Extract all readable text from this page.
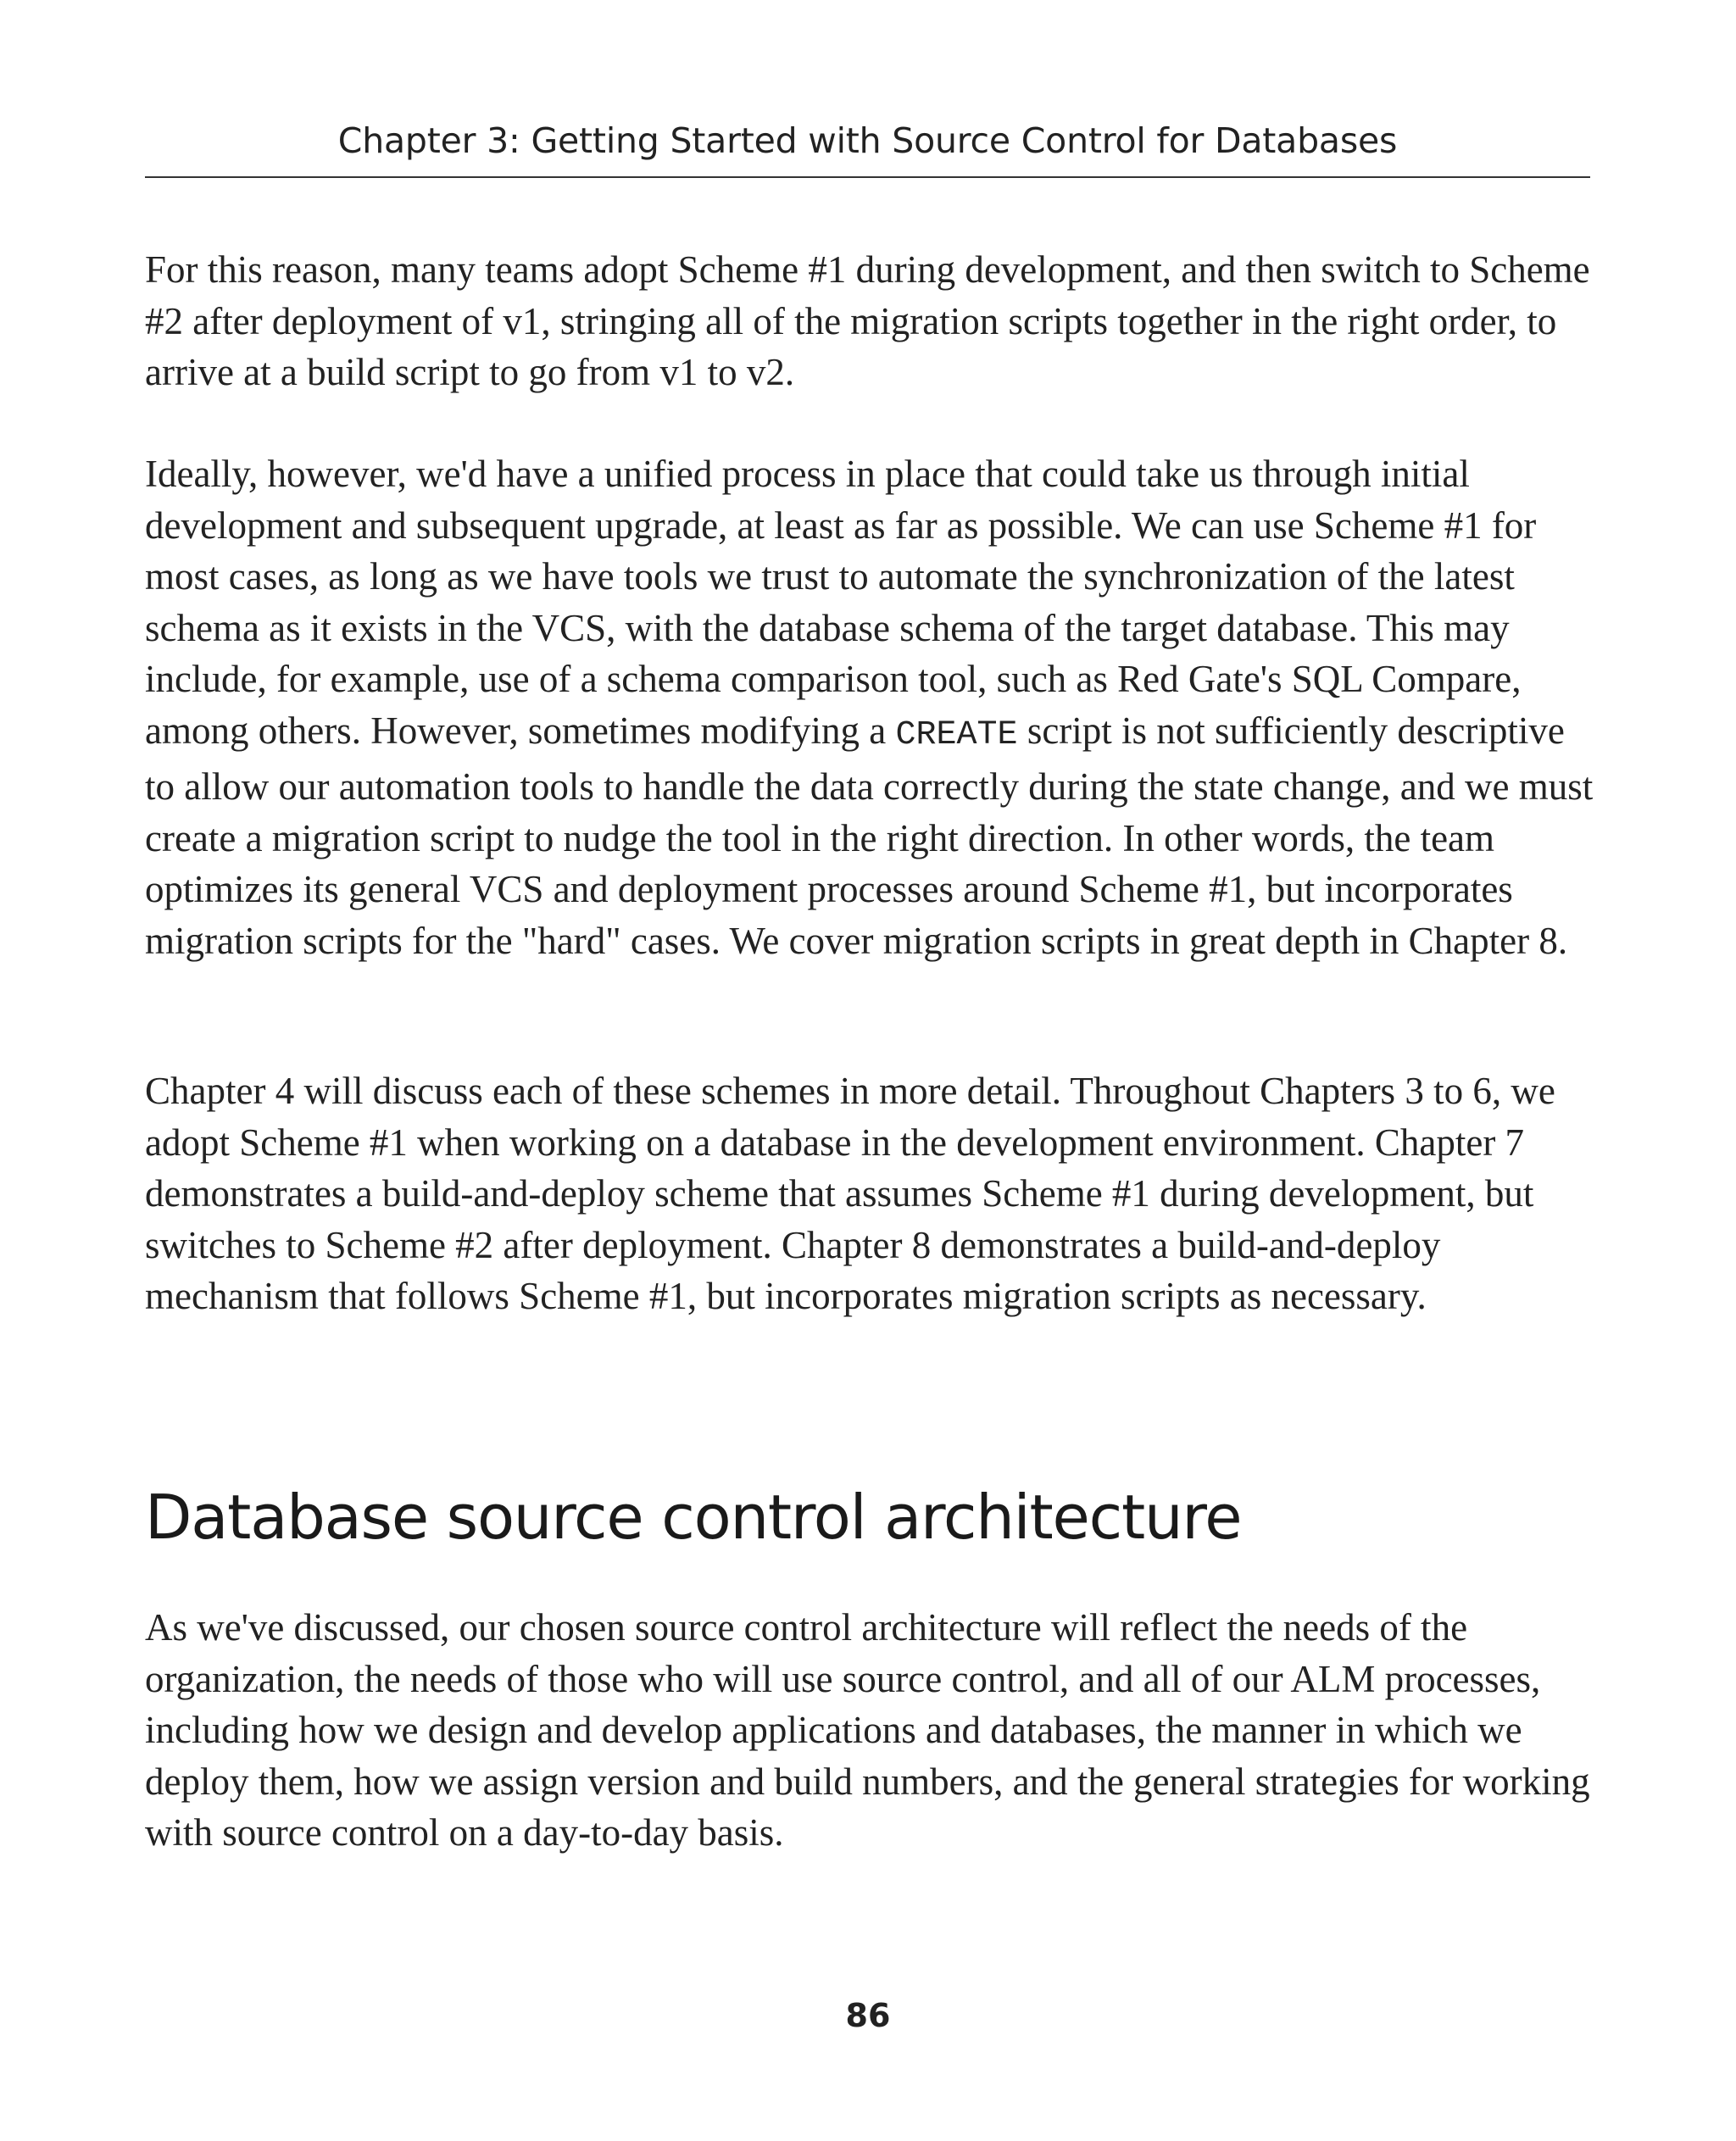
Chapter 3: Getting Started with Source Control for Databases

For this reason, many teams adopt Scheme #1 during development, and then switch to Scheme #2 after deployment of v1, stringing all of the migration scripts together in the right order, to arrive at a build script to go from v1 to v2.

Ideally, however, we'd have a unified process in place that could take us through initial development and subsequent upgrade, at least as far as possible. We can use Scheme #1 for most cases, as long as we have tools we trust to automate the synchronization of the latest schema as it exists in the VCS, with the database schema of the target database. This may include, for example, use of a schema comparison tool, such as Red Gate's SQL Compare, among others. However, sometimes modifying a CREATE script is not sufficiently descriptive to allow our automation tools to handle the data correctly during the state change, and we must create a migration script to nudge the tool in the right direction. In other words, the team optimizes its general VCS and deployment processes around Scheme #1, but incorporates migration scripts for the "hard" cases. We cover migration scripts in great depth in Chapter 8.

Chapter 4 will discuss each of these schemes in more detail. Throughout Chapters 3 to 6, we adopt Scheme #1 when working on a database in the development environment. Chapter 7 demonstrates a build-and-deploy scheme that assumes Scheme #1 during development, but switches to Scheme #2 after deployment. Chapter 8 demonstrates a build-and-deploy mechanism that follows Scheme #1, but incorporates migration scripts as necessary.

Database source control architecture

As we've discussed, our chosen source control architecture will reflect the needs of the organization, the needs of those who will use source control, and all of our ALM processes, including how we design and develop applications and databases, the manner in which we deploy them, how we assign version and build numbers, and the general strategies for working with source control on a day-to-day basis.

86
